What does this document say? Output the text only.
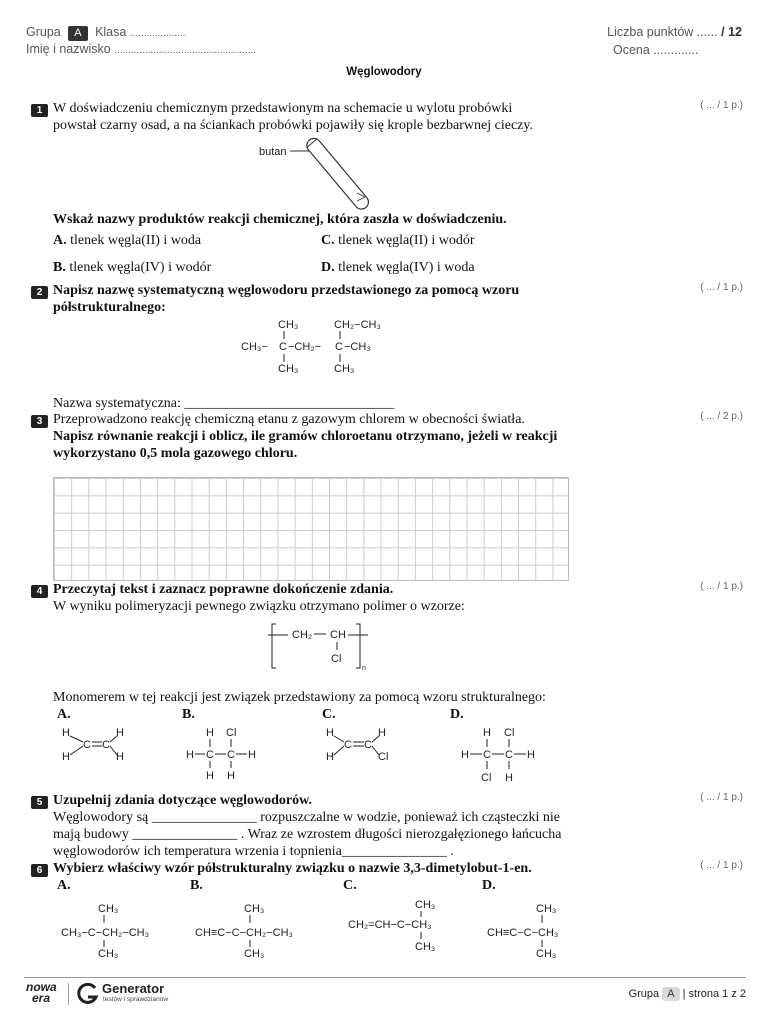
Grupa A Klasa ....................
Imię i nazwisko ...................................................
Liczba punktów ...... / 12
Ocena .............
Węglowodory
1	( ... / 1 p.)
W doświadczeniu chemicznym przedstawionym na schemacie u wylotu probówki
powstał czarny osad, a na ściankach probówki pojawiły się krople bezbarwnej cieczy.
butan
Wskaż nazwy produktów reakcji chemicznej, która zaszła w doświadczeniu.
A. tlenek węgla(II) i woda	C. tlenek węgla(II) i wodór
B. tlenek węgla(IV) i wodór	D. tlenek węgla(IV) i woda
2	( ... / 1 p.)
Napisz nazwę systematyczną węglowodoru przedstawionego za pomocą wzoru
półstrukturalnego:
CH₃	CH₂−CH₃
CH₃− C −CH₂− C −CH₃
CH₃	CH₃
Nazwa systematyczna: ______________________________
3	( ... / 2 p.)
Przeprowadzono reakcję chemiczną etanu z gazowym chlorem w obecności światła.
Napisz równanie reakcji i oblicz, ile gramów chloroetanu otrzymano, jeżeli w reakcji
wykorzystano 0,5 mola gazowego chloru.
4	( ... / 1 p.)
Przeczytaj tekst i zaznacz poprawne dokończenie zdania.
W wyniku polimeryzacji pewnego związku otrzymano polimer o wzorze:
CH₂ CH
Cl
n
Monomerem w tej reakcji jest związek przedstawiony za pomocą wzoru strukturalnego:
A.	B.	C.	D.
H
H
C C
H
H
H Cl
H C C H
H H
H
H
C C
H
Cl
H Cl
H C C H
Cl H
5	( ... / 1 p.)
Uzupełnij zdania dotyczące węglowodorów.
Węglowodory są _______________ rozpuszczalne w wodzie, ponieważ ich cząsteczki nie
mają budowy _______________ . Wraz ze wzrostem długości nierozgałęzionego łańcucha
węglowodorów ich temperatura wrzenia i topnienia_______________ .
6	( ... / 1 p.)
Wybierz właściwy wzór półstrukturalny związku o nazwie 3,3-dimetylobut-1-en.
A.	B.	C.	D.
CH₃
CH₃−C−CH₂−CH₃
CH₃
CH₃
CH≡C−C−CH₂−CH₃
CH₃
CH₃
CH₂=CH−C−CH₃
CH₃
CH₃
CH≡C−C−CH₃
CH₃
nowa
era
Generator
testów i sprawdzianów	Grupa A | strona 1 z 2
